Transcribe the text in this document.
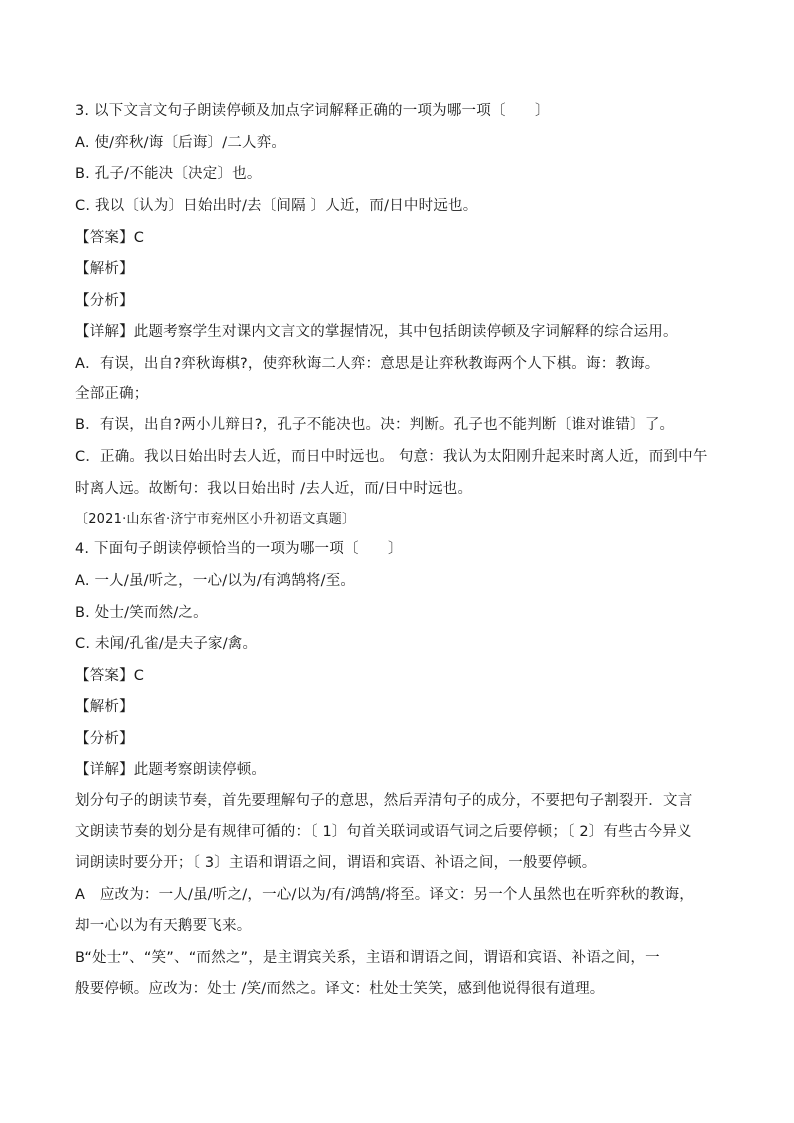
3. 以下文言文句子朗读停顿及加点字词解释正确的一项为哪一项〔　　〕
A. 使/弈秋/诲〔后诲〕/二人弈。
B. 孔子/不能决〔决定〕也。
C. 我以〔认为〕日始出时/去〔间隔 〕人近，而/日中时远也。
【答案】C
【解析】
【分析】
【详解】此题考察学生对课内文言文的掌握情况，其中包括朗读停顿及字词解释的综合运用。
A．有误，出自?弈秋诲棋?，使弈秋诲二人弈：意思是让弈秋教诲两个人下棋。诲：教诲。
全部正确；
B．有误，出自?两小儿辩日?，孔子不能决也。决：判断。孔子也不能判断〔谁对谁错〕了。
C．正确。我以日始出时去人近，而日中时远也。 句意：我认为太阳刚升起来时离人近，而到中午
时离人远。故断句：我以日始出时 /去人近，而/日中时远也。
〔2021·山东省·济宁市兖州区小升初语文真题〕
4. 下面句子朗读停顿恰当的一项为哪一项〔　　〕
A. 一人/虽/听之，一心/以为/有鸿鹄将/至。
B. 处士/笑而然/之。
C. 未闻/孔雀/是夫子家/禽。
【答案】C
【解析】
【分析】
【详解】此题考察朗读停顿。
划分句子的朗读节奏，首先要理解句子的意思，然后弄清句子的成分，不要把句子割裂开．文言
文朗读节奏的划分是有规律可循的：〔 1〕句首关联词或语气词之后要停顿；〔 2〕有些古今异义
词朗读时要分开；〔 3〕主语和谓语之间，谓语和宾语、补语之间，一般要停顿。
A　应改为：一人/虽/听之/，一心/以为/有/鸿鹄/将至。译文：另一个人虽然也在听弈秋的教诲，
却一心以为有天鹅要飞来。
B“处士”、“笑”、“而然之”，是主谓宾关系，主语和谓语之间，谓语和宾语、补语之间，一
般要停顿。应改为：处士 /笑/而然之。译文：杜处士笑笑，感到他说得很有道理。
